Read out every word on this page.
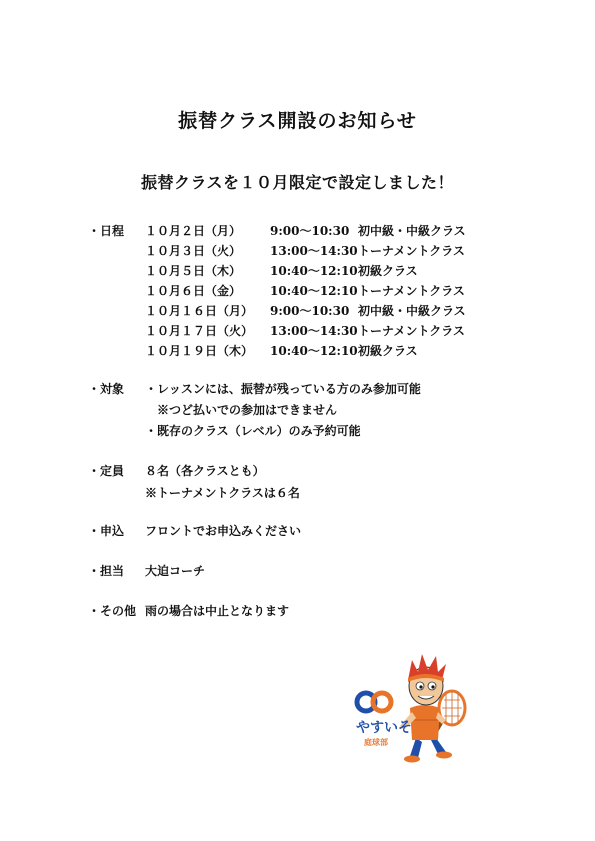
振替クラス開設のお知らせ
振替クラスを１０月限定で設定しました！
・日程 １０月２日（月） 9:00～10:30 初中級・中級クラス
１０月３日（火） 13:00～14:30 トーナメントクラス
１０月５日（木） 10:40～12:10 初級クラス
１０月６日（金） 10:40～12:10 トーナメントクラス
１０月１６日（月） 9:00～10:30 初中級・中級クラス
１０月１７日（火） 13:00～14:30 トーナメントクラス
１０月１９日（木） 10:40～12:10 初級クラス
・対象 ・レッスンには、振替が残っている方のみ参加可能
※つど払いでの参加はできません
・既存のクラス（レベル）のみ予約可能
・定員 ８名（各クラスとも）
※トーナメントクラスは６名
・申込 フロントでお申込みください
・担当 大迫コーチ
・その他 雨の場合は中止となります
やすいそ
庭球部
